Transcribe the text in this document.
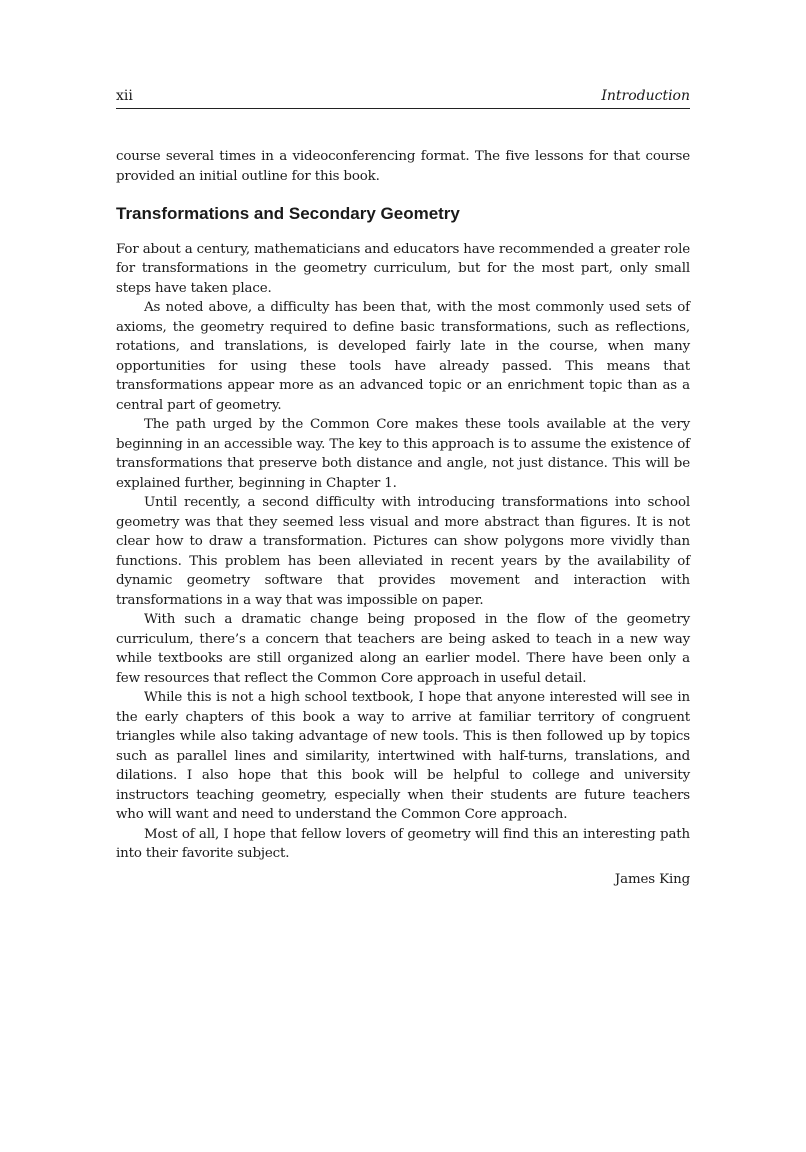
xii	Introduction

course several times in a videoconferencing format. The five lessons for that course provided an initial outline for this book.

Transformations and Secondary Geometry

For about a century, mathematicians and educators have recommended a greater role for transformations in the geometry curriculum, but for the most part, only small steps have taken place.

As noted above, a difficulty has been that, with the most commonly used sets of axioms, the geometry required to define basic transformations, such as reflections, rotations, and translations, is developed fairly late in the course, when many opportunities for using these tools have already passed. This means that transformations appear more as an advanced topic or an enrichment topic than as a central part of geometry.

The path urged by the Common Core makes these tools available at the very beginning in an accessible way. The key to this approach is to assume the existence of transformations that preserve both distance and angle, not just distance. This will be explained further, beginning in Chapter 1.

Until recently, a second difficulty with introducing transformations into school geometry was that they seemed less visual and more abstract than figures. It is not clear how to draw a transformation. Pictures can show polygons more vividly than functions. This problem has been alleviated in recent years by the availability of dynamic geometry software that provides movement and interaction with transformations in a way that was impossible on paper.

With such a dramatic change being proposed in the flow of the geometry curriculum, there’s a concern that teachers are being asked to teach in a new way while textbooks are still organized along an earlier model. There have been only a few resources that reflect the Common Core approach in useful detail.

While this is not a high school textbook, I hope that anyone interested will see in the early chapters of this book a way to arrive at familiar territory of congruent triangles while also taking advantage of new tools. This is then followed up by topics such as parallel lines and similarity, intertwined with half-turns, translations, and dilations. I also hope that this book will be helpful to college and university instructors teaching geometry, especially when their students are future teachers who will want and need to understand the Common Core approach.

Most of all, I hope that fellow lovers of geometry will find this an interesting path into their favorite subject.

James King
